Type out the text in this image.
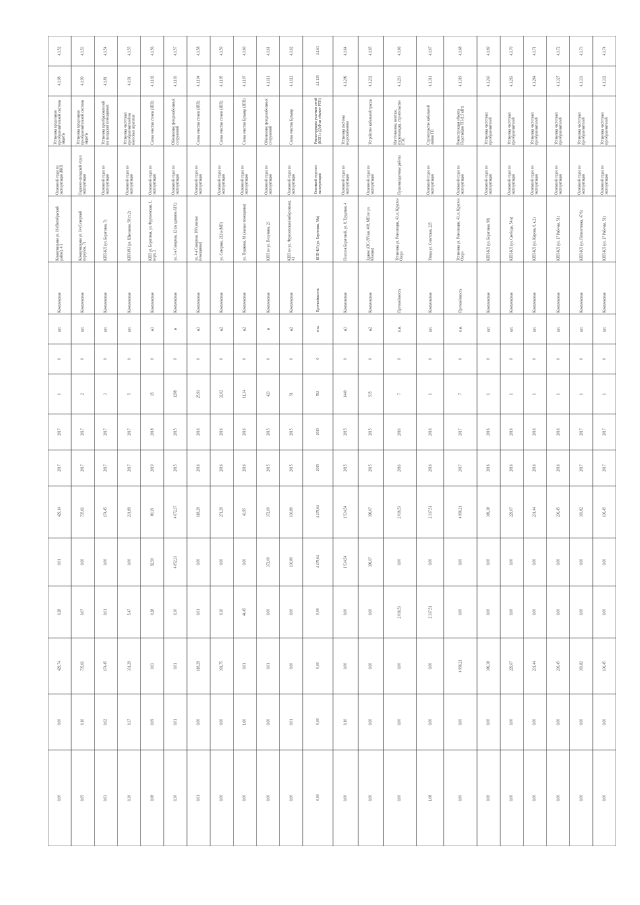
4.1.52
4.1.98
Установка продольная преобразовательной системы защиты
Основной отдел по эксплуатации ЖКХ
Коммунальная ул. 16 (Октябрьский район), 4/1
Комплексная
шт.
0
1
2017
2017
429,14
0,01
0,28
429,74
0,00
0,00
4.1.53
4.1.99
Установка продольная преобразовательной системы защиты
Гаражно-складской отдел эксплуатации
Коммунальная ул. 14 (Северный переулок, 7)
Комплексная
шт.
0
2
2017
2017
735,61
0,00
0,07
735,61
0,10
0,05
4.1.54
4.1.81
Установка преобразователей на складских помещениях
Основной отдел по эксплуатации
КПП-КЛ (ул. Береговая, 7)
Комплексная
шт.
0
3
2017
2017
174,45
0,00
0,01
174,45
0,02
0,03
4.1.55
4.1.91
Установка частотных преобразователей на насосных агрегатах
Основной отдел по эксплуатации
КПП-РН (ул. Школьная, 58/ст.2)
Комплексная
шт.
0
5
2017
2017
231,89
0,00
5,47
331,29
0,37
0,30
4.1.56
4.1.102
Схема очистки стоков (ЗПП)
Основной отдел по эксплуатации
КПП ул. Береговая, ул. Фрунзенская, 1, корп. 2
Комплексная
м3
0
15
2018
2019
80,39
92,50
0,28
0,03
0,09
0,08
4.1.57
4.1.103
Обновление фонда кабельных сооружений
Основной отдел по эксплуатации
ул. 3-я Северная, 12 (за зданием АТС)
Комплексная
м
0
1298
2015
2015
4 072,37
4 052,33
0,30
0,01
0,01
0,30
4.1.58
4.1.104
Схема очистки стоков (ЗПП)
Основной отдел по эксплуатации
ул. 4-я Северная, 100 (жилые помещения)
Комплексная
м3
0
25,91
2016
2016
118,29
0,00
0,01
118,29
0,00
0,01
4.1.59
4.1.105
Схема очистки стоков (ЗПП)
Основной отдел по эксплуатации
ул. Северная, 212/а (МП)
Комплексная
м2
0
32,02
2016
2016
271,29
0,00
0,30
391,75
0,00
0,00
4.1.60
4.1.107
Схема очистки Бульвар (ЗПП)
Основной отдел по эксплуатации
ул. Пушкина, 81 (жилые помещения)
Комплексная
м2
0
11,34
2016
2016
43,95
0,00
44,45
0,01
1,60
0,00
4.1.61
4.1.111
Обновление фонда кабельных сооружений
Основной отдел по эксплуатации
КПП по ул. Полунина, 23
Комплексная
м
0
423
2015
2015
372,00
372,00
0,00
0,01
0,00
0,00
4.1.62
4.1.112
Схема очистки Бульвар
Основной отдел по эксплуатации
КПП по ул. Фрунзенская (набережная), 41
Комплексная
м2
0
51
2015
2015
130,80
130,80
0,00
0,00
0,01
0,00
4.1.63
4.1.125
Реконструкция участков сетей (КПП с ДАФ на объекте РТП)
Основной отдел по эксплуатации
КПП-КЛ (ул. Береговая, 58а)
Протяжённость
п.м.
0
552
2015
2015
4 479,64
4 479,64
0,00
0,00
0,00
0,00
4.1.64
4.1.206
Установка системы водоснабжения
Основной отдел по эксплуатации
Поселок Береговой, ул. 8, Трудовая, 4
Комплексная
м3
0
1440
2015
2015
1 534,54
1 534,54
0,00
0,00
0,10
0,00
4.1.65
4.1.232
Устройство кабельной трассы
Основной отдел по эксплуатации
Здание АТС (ЧЧ кв. 408, МП по ул. Южная)
Комплексная
м2
0
535
2015
2015
396,07
396,07
0,00
0,00
0,00
0,00
4.1.66
4.1.233
Изготовление, монтаж, пусконаладка, строительство ГЭС
Пусконаладочные работы
Установка ул. Революции, 43, п. Круглое Озеро
Протяжённость
п.м.
0
7
2016
2016
2 016,53
0,00
2 016,53
0,00
0,00
0,00
4.1.67
4.1.311
Строительство кабельной линии ТП
Основной отдел по эксплуатации
Улица ул. Советская, 225
Комплексная
шт.
0
1
2016
2016
2 317,51
0,00
2 317,51
0,00
0,00
1,08
4.1.68
4.1.319
Реконструкция объекта Подстанции ТП (1,5 кВт)
Основной отдел по эксплуатации
Установка ул. Революции, 43, п. Круглое Озеро
Протяжённость
п.м.
0
7
2017
2017
4 996,21
0,00
0,00
4 996,21
0,00
0,00
4.1.69
4.1.243
Установка частотных преобразователей
Основной отдел по эксплуатации
КПП-КЛ (ул. Береговая, 98)
Комплексная
шт.
0
1
2016
2016
306,38
0,00
0,00
306,38
0,00
0,00
4.1.70
4.1.263
Установка частотных преобразователей
Основной отдел по эксплуатации
КПП-КЛ (ул. Свободы, 54/а)
Комплексная
шт.
0
1
2016
2016
229,07
0,00
0,00
229,07
0,00
0,00
4.1.71
4.1.264
Установка частотных преобразователей
Основной отдел по эксплуатации
КПП-КЛ (ул. Кирова, 6, к.2)
Комплексная
шт.
0
1
2016
2016
231,44
0,00
0,00
231,44
0,00
0,00
4.1.72
4.1.327
Установка частотных преобразователей
Основной отдел по эксплуатации
КПП-КЛ (ул. 17 Рабочая, 51)
Комплексная
шт.
0
1
2016
2016
236,45
0,00
0,00
236,45
0,00
0,00
4.1.73
4.1.333
Установка частотных преобразователей
Основной отдел по эксплуатации
КПП-КЛ (ул. Пятилетника, 47/6)
Комплексная
шт.
0
1
2017
2017
303,82
0,00
0,00
303,82
0,00
0,00
4.1.74
4.1.332
Установка частотных преобразователей
Основной отдел по эксплуатации
КПП-КЛ (ул. 17 Рабочая, 51)
Комплексная
шт.
0
1
2017
2017
136,45
0,00
0,00
136,45
0,00
0,00
